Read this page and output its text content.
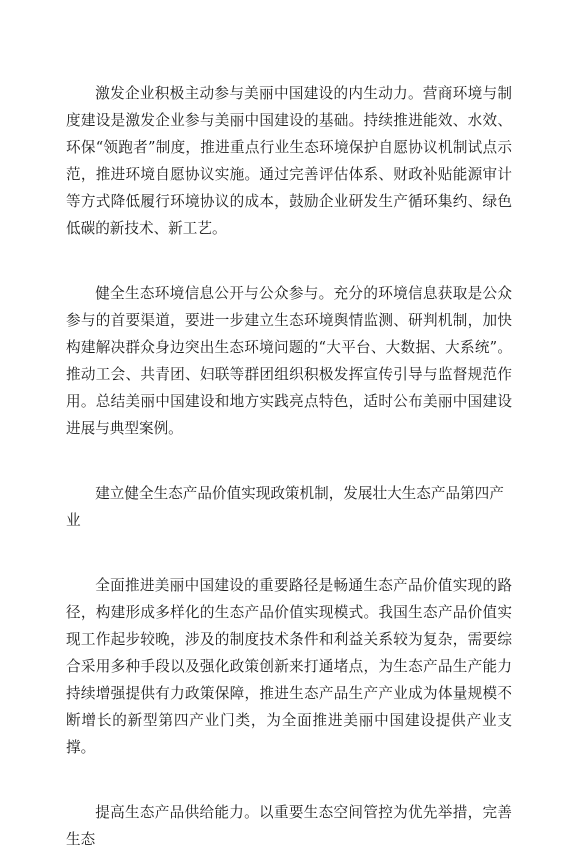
激发企业积极主动参与美丽中国建设的内生动力。营商环境与制度建设是激发企业参与美丽中国建设的基础。持续推进能效、水效、环保“领跑者”制度，推进重点行业生态环境保护自愿协议机制试点示范，推进环境自愿协议实施。通过完善评估体系、财政补贴能源审计等方式降低履行环境协议的成本，鼓励企业研发生产循环集约、绿色低碳的新技术、新工艺。

健全生态环境信息公开与公众参与。充分的环境信息获取是公众参与的首要渠道，要进一步建立生态环境舆情监测、研判机制，加快构建解决群众身边突出生态环境问题的“大平台、大数据、大系统”。推动工会、共青团、妇联等群团组织积极发挥宣传引导与监督规范作用。总结美丽中国建设和地方实践亮点特色，适时公布美丽中国建设进展与典型案例。

建立健全生态产品价值实现政策机制，发展壮大生态产品第四产业

全面推进美丽中国建设的重要路径是畅通生态产品价值实现的路径，构建形成多样化的生态产品价值实现模式。我国生态产品价值实现工作起步较晚，涉及的制度技术条件和利益关系较为复杂，需要综合采用多种手段以及强化政策创新来打通堵点，为生态产品生产能力持续增强提供有力政策保障，推进生态产品生产产业成为体量规模不断增长的新型第四产业门类，为全面推进美丽中国建设提供产业支撑。

提高生态产品供给能力。以重要生态空间管控为优先举措，完善生态
